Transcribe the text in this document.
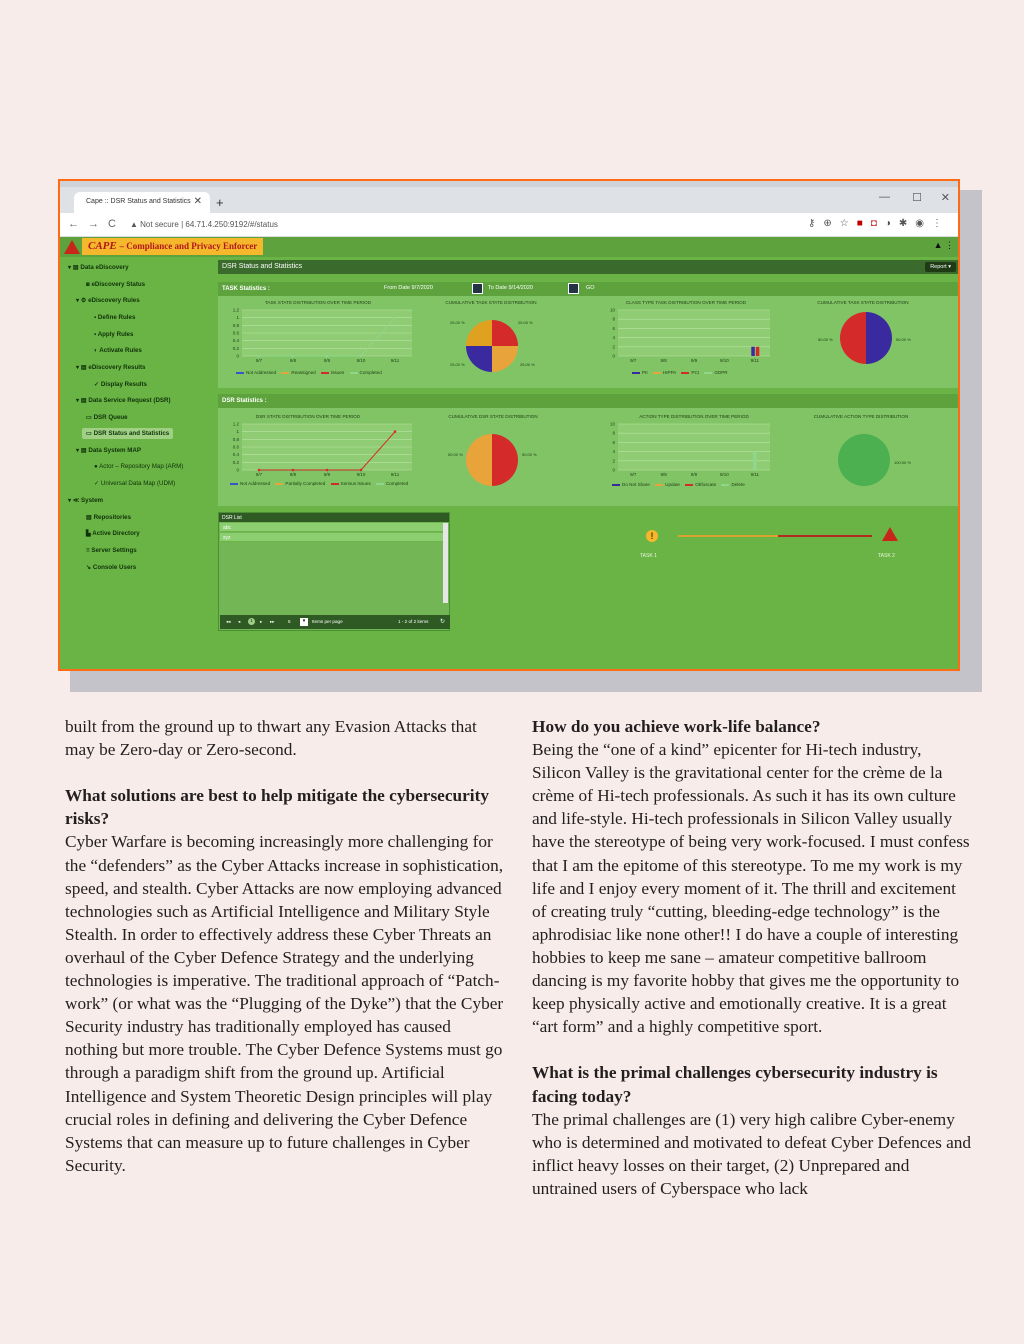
Cape :: DSR Status and Statistics ✕ +	— ☐ ✕
← → C ▲ Not secure | 64.71.4.250:9192/#/status	⚷⊕☆■◘◑✱◉⋮
CAPE – Compliance and Privacy Enforcer	▲ ⋮
▾ ▤ Data eDiscovery
◙ eDiscovery Status
▾ ⚙ eDiscovery Rules
▪ Define Rules
▪ Apply Rules
◐ Activate Rules
▾ ▤ eDiscovery Results
✓ Display Results
▾ ▤ Data Service Request (DSR)
▭ DSR Queue
▭ DSR Status and Statistics
▾ ▤ Data System MAP
● Actor – Repository Map (ARM)
✓ Universal Data Map (UDM)
▾ ≪ System
▤ Repositories
▙ Active Directory
≡ Server Settings
↘ Console Users
DSR Status and Statistics	Report ▾
TASK Statistics :	From Date 9/7/2020	To Date 9/14/2020	GO
TASK STATE DISTRIBUTION OVER TIME PERIOD
1.2
1
0.8
0.6
0.4
0.2
0
9/7	9/8	9/9	9/10	9/11
Not Addressed	Reassigned	Issues	Completed
CUMULATIVE TASK STATE DISTRIBUTION
25.00 %	25.00 %
25.00 %	25.00 %
CLASS TYPE TASK DISTRIBUTION OVER TIME PERIOD
10
8
6
4
2
0
9/7	9/8	9/9	9/10	9/11
PII	HIPPA	PCI	GDPR
CUMULATIVE TASK STATE DISTRIBUTION
50.00 %	50.00 %
DSR Statistics :
DSR STATE DISTRIBUTION OVER TIME PERIOD
1.2
1
0.8
0.6
0.4
0.2
0
9/7	9/8	9/9	9/10	9/11
Not Addressed	Partially Completed	Serious Issues	Completed
CUMULATIVE DSR STATE DISTRIBUTION
50.00 %	50.00 %
ACTION TYPE DISTRIBUTION OVER TIME PERIOD
10
8
6
4
2
0
9/7	9/8	9/9	9/10	9/11
Do Not Share	Update	Obfuscate	Delete
CUMULATIVE ACTION TYPE DISTRIBUTION
100.00 %
DSR List
abc
xyz
◂◂ ◂	1	▸ ▸▸	5	▾	Items per page	1 - 2 of 2 items ↻
!
TASK 1	TASK 2

built from the ground up to thwart any Evasion Attacks that may be Zero-day or Zero-second.

What solutions are best to help mitigate the cybersecurity risks?

Cyber Warfare is becoming increasingly more challenging for the “defenders” as the Cyber Attacks increase in sophistication, speed, and stealth. Cyber Attacks are now employing advanced technologies such as Artificial Intelligence and Military Style Stealth. In order to effectively address these Cyber Threats an overhaul of the Cyber Defence Strategy and the underlying technologies is imperative. The traditional approach of “Patch-work” (or what was the “Plugging of the Dyke”) that the Cyber Security industry has traditionally employed has caused nothing but more trouble. The Cyber Defence Systems must go through a paradigm shift from the ground up. Artificial Intelligence and System Theoretic Design principles will play crucial roles in defining and delivering the Cyber Defence Systems that can measure up to future challenges in Cyber Security.

How do you achieve work-life balance?

Being the “one of a kind” epicenter for Hi-tech industry, Silicon Valley is the gravitational center for the crème de la crème of Hi-tech professionals. As such it has its own culture and life-style. Hi-tech professionals in Silicon Valley usually have the stereotype of being very work-focused. I must confess that I am the epitome of this stereotype. To me my work is my life and I enjoy every moment of it. The thrill and excitement of creating truly “cutting, bleeding-edge technology” is the aphrodisiac like none other!! I do have a couple of interesting hobbies to keep me sane – amateur competitive ballroom dancing is my favorite hobby that gives me the opportunity to keep physically active and emotionally creative. It is a great “art form” and a highly competitive sport.

What is the primal challenges cybersecurity industry is facing today?

The primal challenges are (1) very high calibre Cyber-enemy who is determined and motivated to defeat Cyber Defences and inflict heavy losses on their target, (2) Unprepared and untrained users of Cyberspace who lack
